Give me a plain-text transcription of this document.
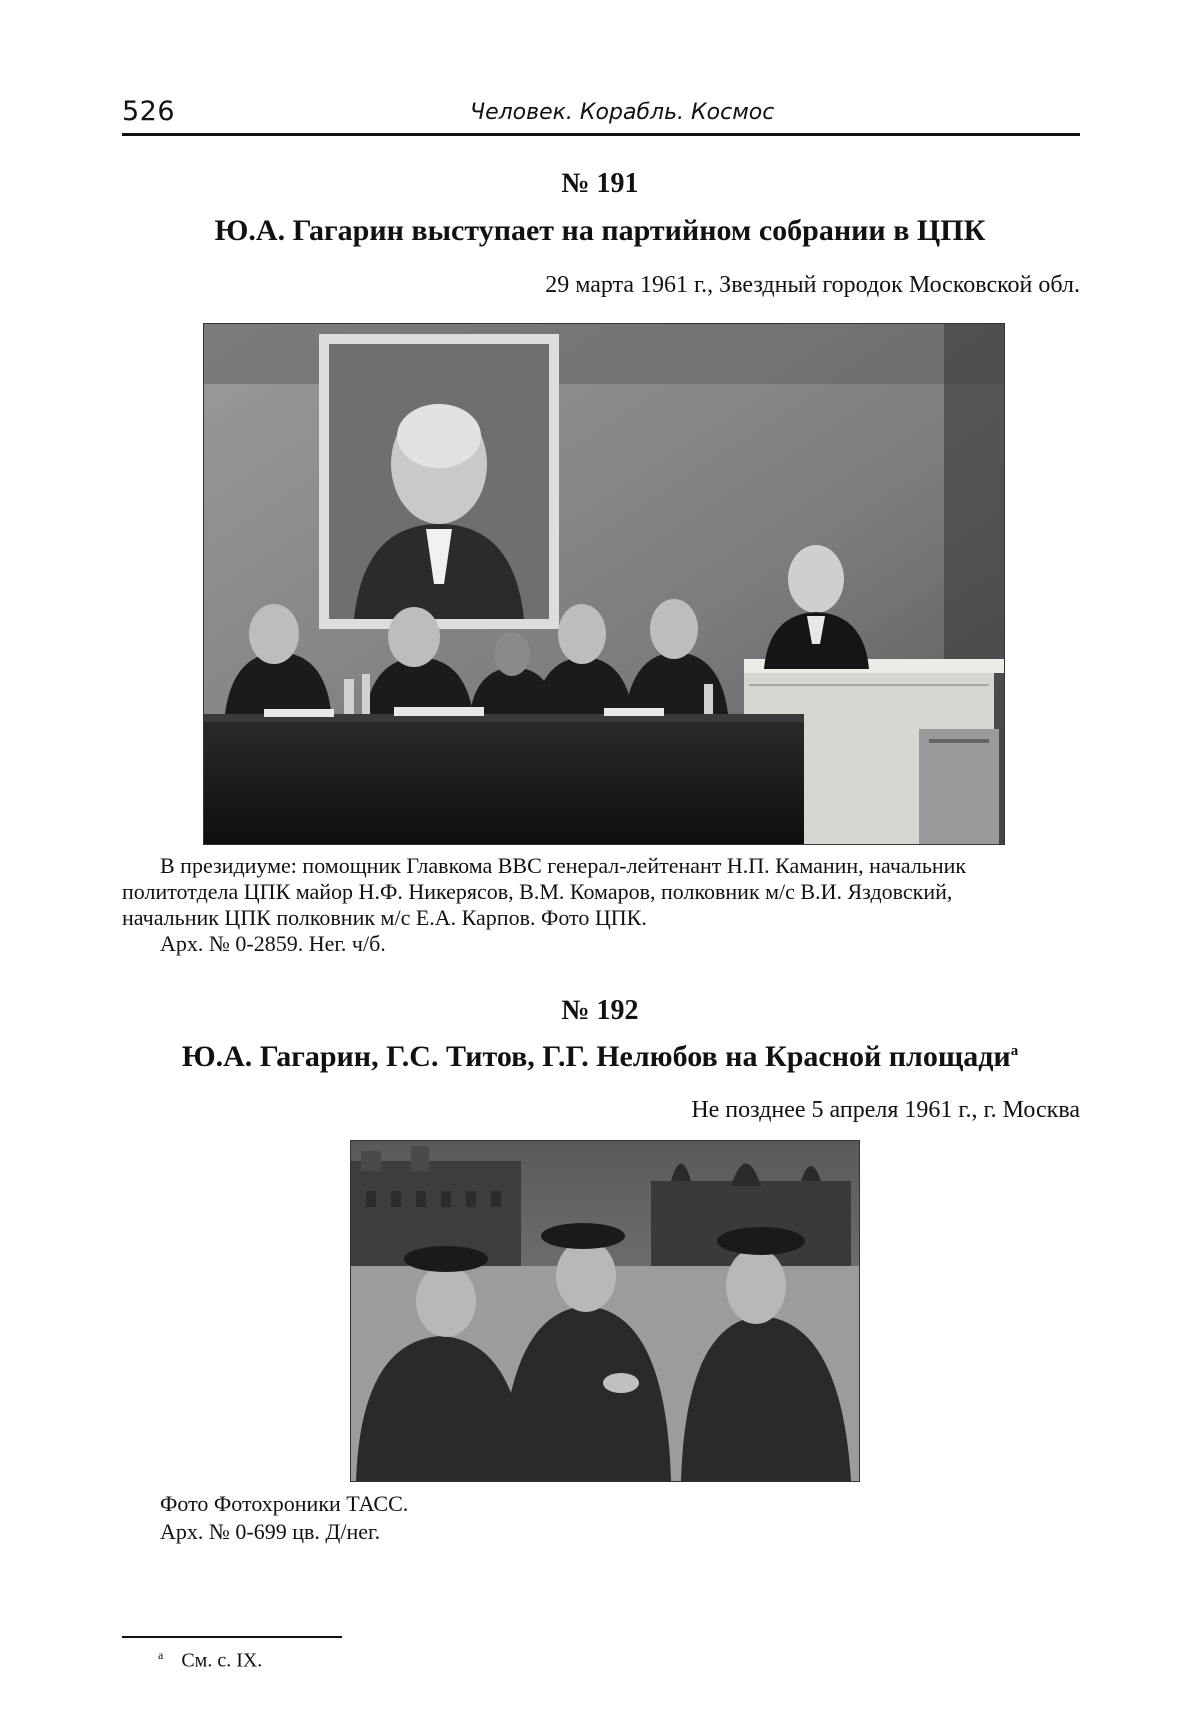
526	Человек. Корабль. Космос
№ 191
Ю.А. Гагарин выступает на партийном собрании в ЦПК
29 марта 1961 г., Звездный городок Московской обл.
В президиуме: помощник Главкома ВВС генерал-лейтенант Н.П. Каманин, начальник
политотдела ЦПК майор Н.Ф. Никерясов, В.М. Комаров, полковник м/с В.И. Яздовский,
начальник ЦПК полковник м/с Е.А. Карпов. Фото ЦПК.
Арх. № 0-2859. Нег. ч/б.
№ 192
Ю.А. Гагарин, Г.С. Титов, Г.Г. Нелюбов на Красной площади$^а$
Не позднее 5 апреля 1961 г., г. Москва
Фото Фотохроники ТАСС.
Арх. № 0-699 цв. Д/нег.
$^а$ См. с. IX.
